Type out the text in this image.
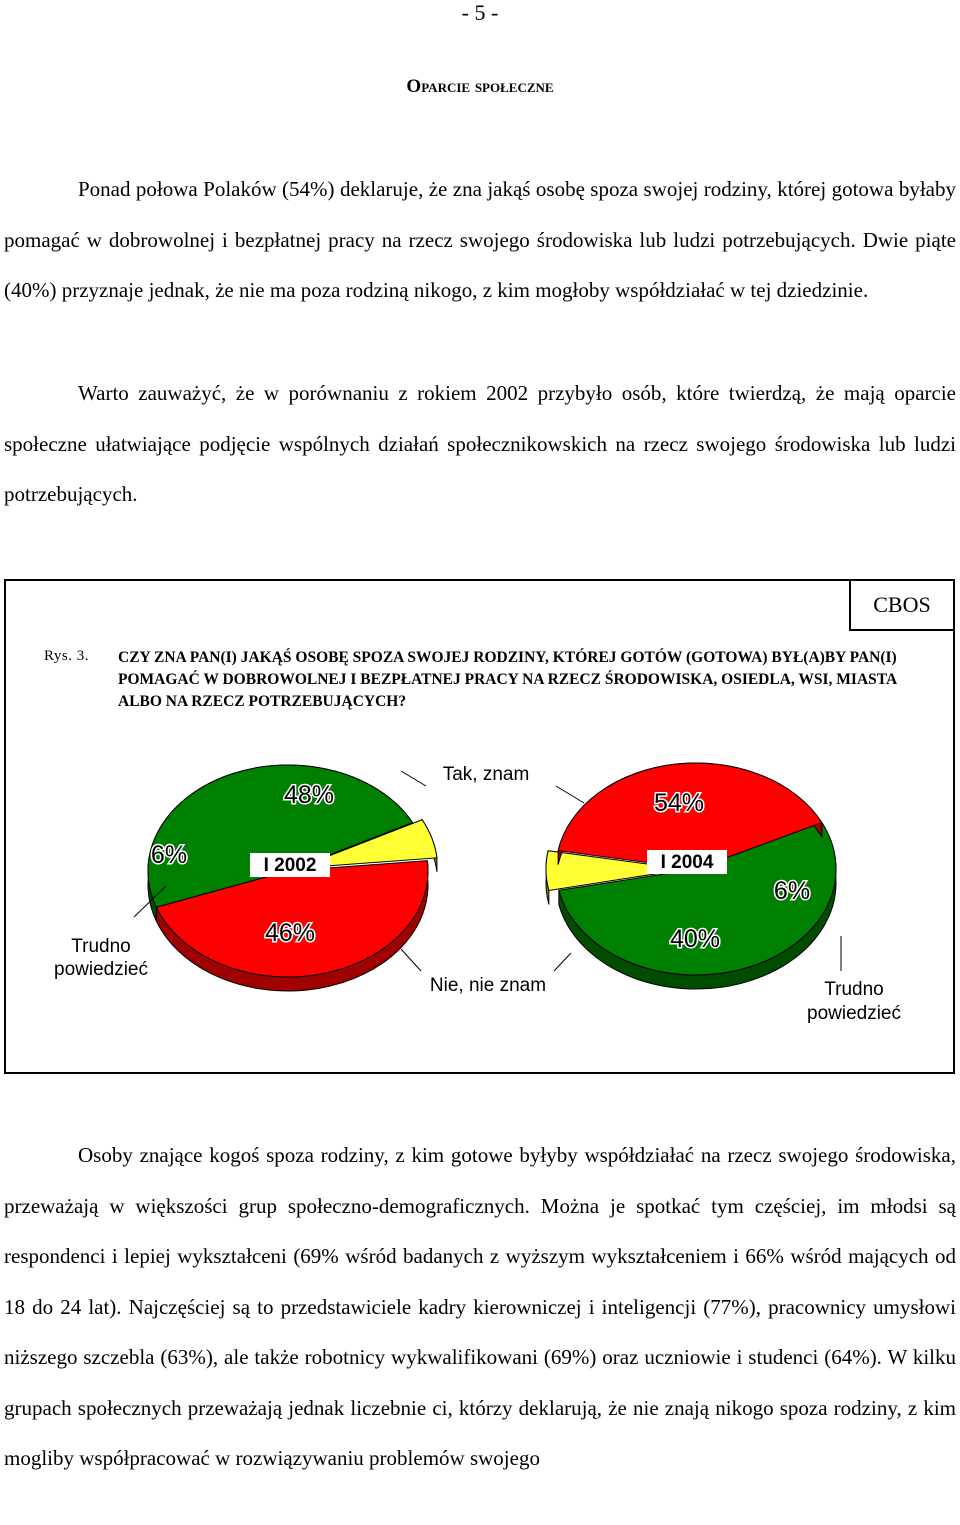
- 5 -
Oparcie społeczne

Ponad połowa Polaków (54%) deklaruje, że zna jakąś osobę spoza swojej rodziny, której gotowa byłaby pomagać w dobrowolnej i bezpłatnej pracy na rzecz swojego środowiska lub ludzi potrzebujących. Dwie piąte (40%) przyznaje jednak, że nie ma poza rodziną nikogo, z kim mogłoby współdziałać w tej dziedzinie.

Warto zauważyć, że w porównaniu z rokiem 2002 przybyło osób, które twierdzą, że mają oparcie społeczne ułatwiające podjęcie wspólnych działań społecznikowskich na rzecz swojego środowiska lub ludzi potrzebujących.

CBOS
Rys. 3. CZY ZNA PAN(I) JAKĄŚ OSOBĘ SPOZA SWOJEJ RODZINY, KTÓREJ GOTÓW (GOTOWA) BYŁ(A)BY PAN(I) POMAGAĆ W DOBROWOLNEJ I BEZPŁATNEJ PRACY NA RZECZ ŚRODOWISKA, OSIEDLA, WSI, MIASTA ALBO NA RZECZ POTRZEBUJĄCYCH?

Tak, znam
Nie, nie znam
Trudno
powiedzieć
Trudno
powiedzieć
48%
46%
6%	I 2002
54%
40%
6%
I 2004

Osoby znające kogoś spoza rodziny, z kim gotowe byłyby współdziałać na rzecz swojego środowiska, przeważają w większości grup społeczno-demograficznych. Można je spotkać tym częściej, im młodsi są respondenci i lepiej wykształceni (69% wśród badanych z wyższym wykształceniem i 66% wśród mających od 18 do 24 lat). Najczęściej są to przedstawiciele kadry kierowniczej i inteligencji (77%), pracownicy umysłowi niższego szczebla (63%), ale także robotnicy wykwalifikowani (69%) oraz uczniowie i studenci (64%). W kilku grupach społecznych przeważają jednak liczebnie ci, którzy deklarują, że nie znają nikogo spoza rodziny, z kim mogliby współpracować w rozwiązywaniu problemów swojego
